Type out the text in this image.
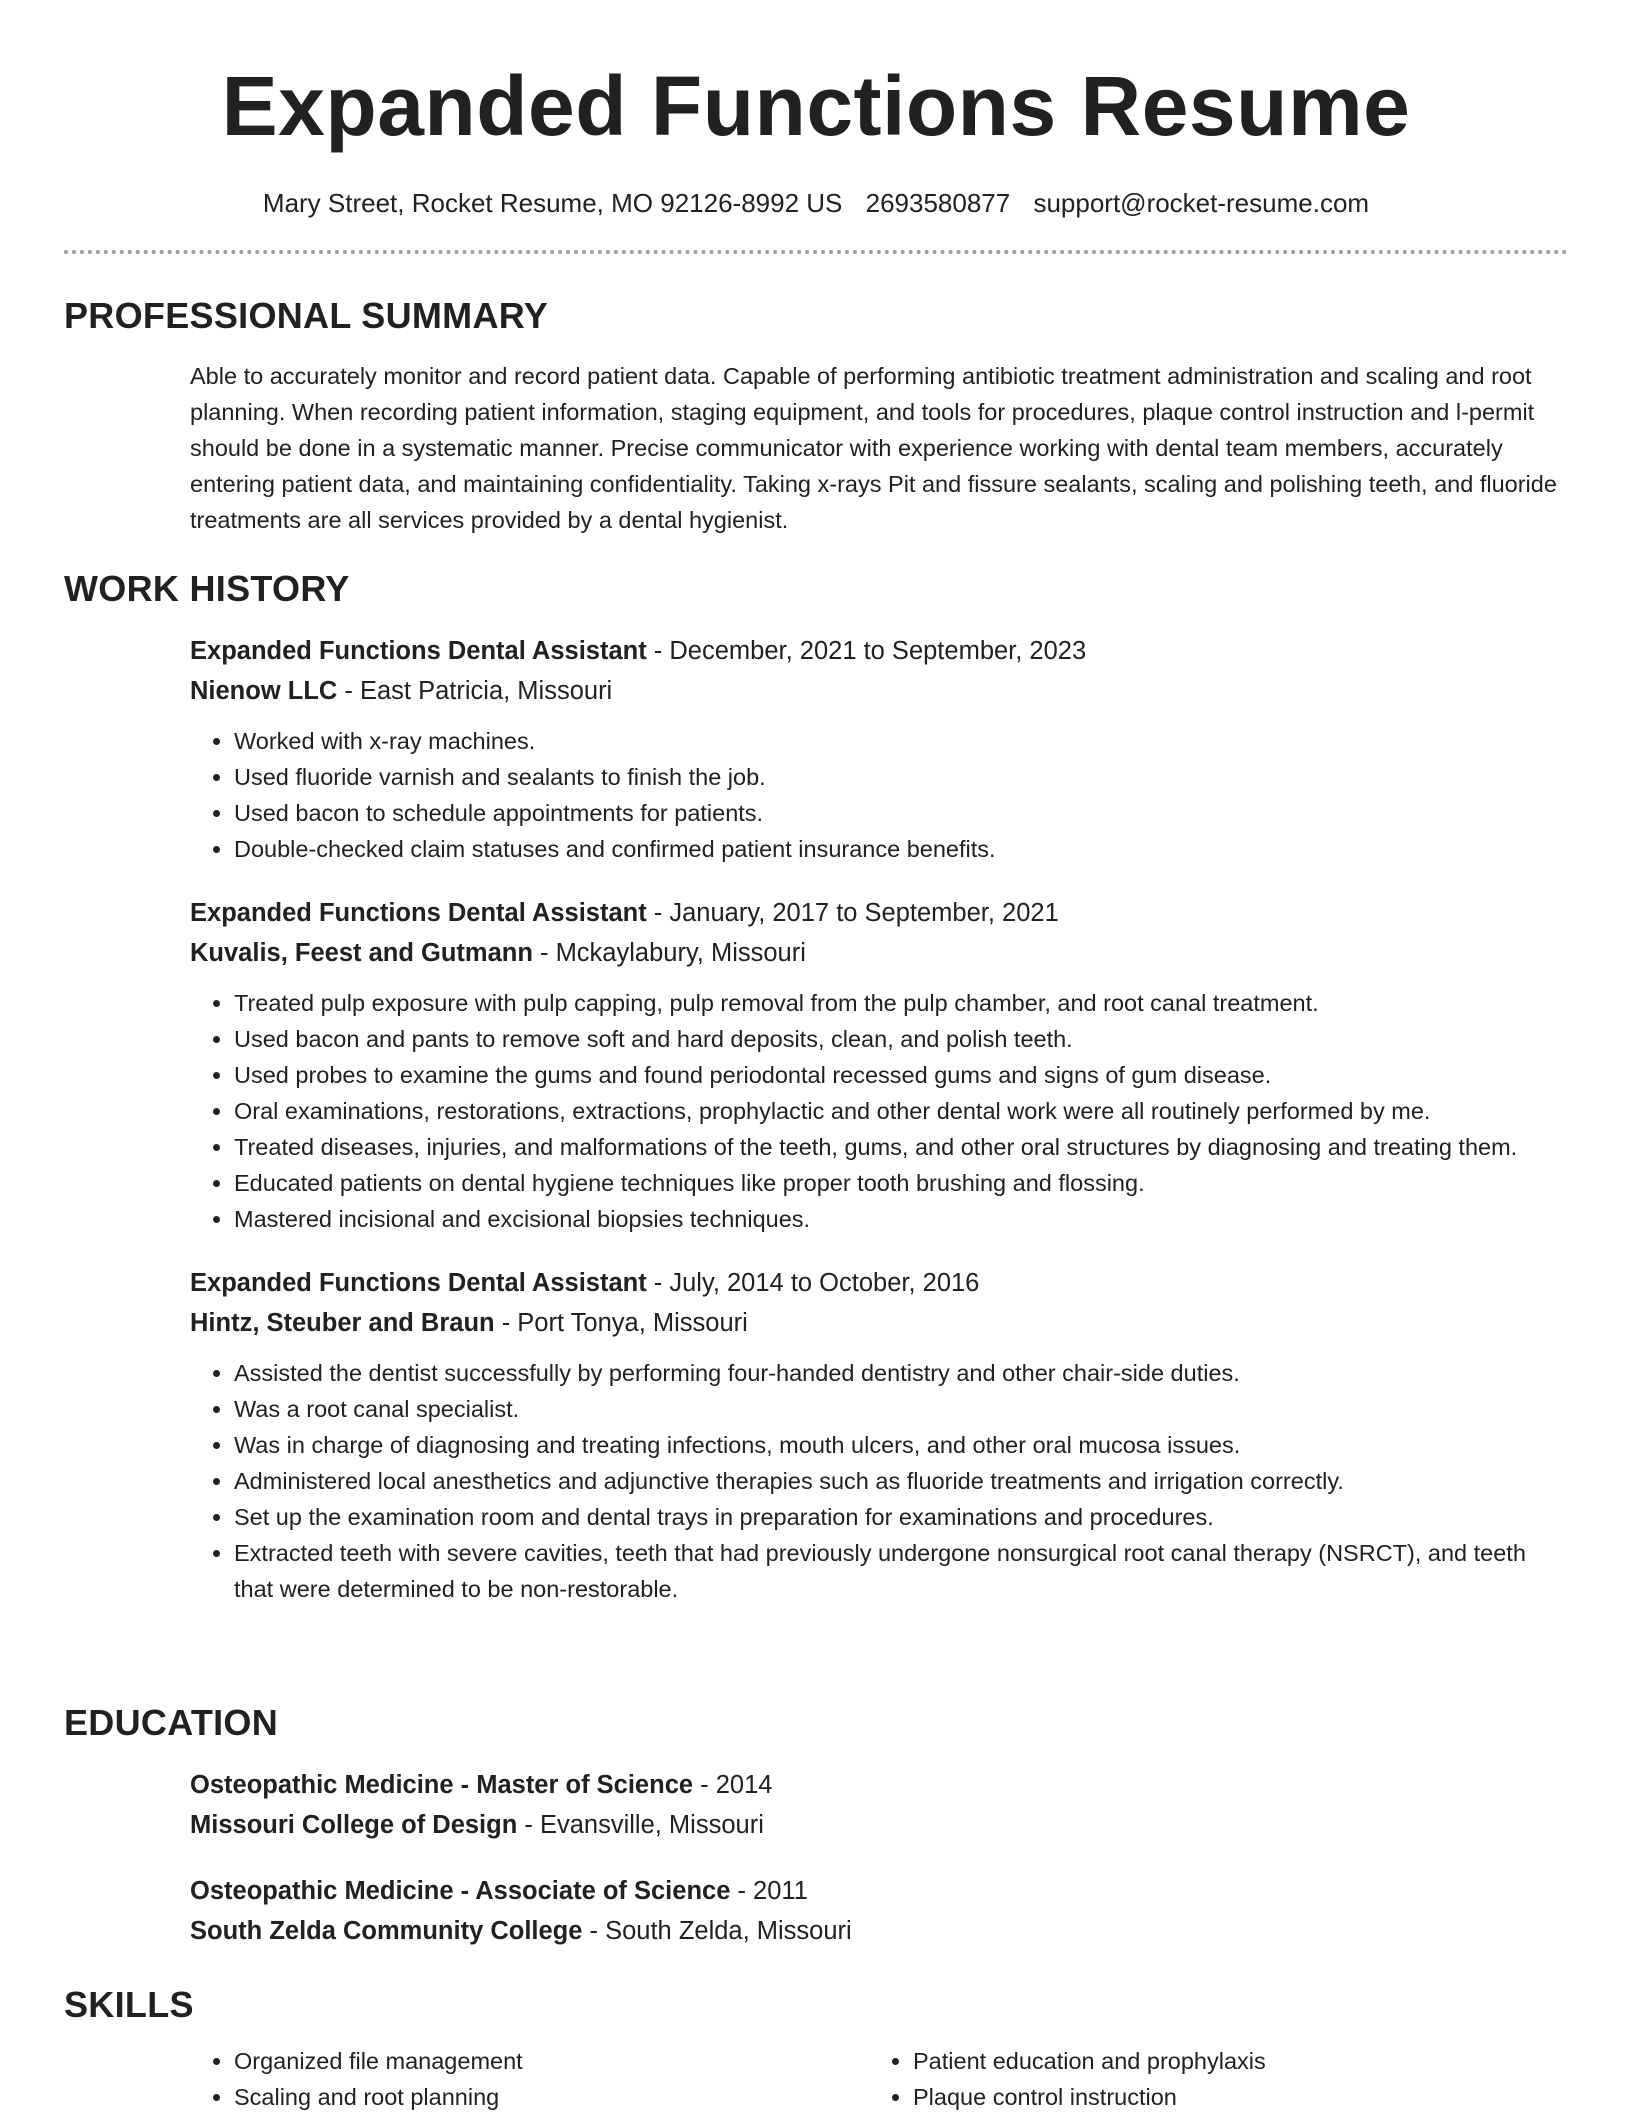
Expanded Functions Resume
Mary Street, Rocket Resume, MO 92126-8992 US 2693580877 support@rocket-resume.com
PROFESSIONAL SUMMARY

Able to accurately monitor and record patient data. Capable of performing antibiotic treatment administration and scaling and root planning. When recording patient information, staging equipment, and tools for procedures, plaque control instruction and l-permit should be done in a systematic manner. Precise communicator with experience working with dental team members, accurately entering patient data, and maintaining confidentiality. Taking x-rays Pit and fissure sealants, scaling and polishing teeth, and fluoride treatments are all services provided by a dental hygienist.

WORK HISTORY
Expanded Functions Dental Assistant - December, 2021 to September, 2023
Nienow LLC - East Patricia, Missouri
• Worked with x-ray machines.
• Used fluoride varnish and sealants to finish the job.
• Used bacon to schedule appointments for patients.
• Double-checked claim statuses and confirmed patient insurance benefits.
Expanded Functions Dental Assistant - January, 2017 to September, 2021
Kuvalis, Feest and Gutmann - Mckaylabury, Missouri
• Treated pulp exposure with pulp capping, pulp removal from the pulp chamber, and root canal treatment.
• Used bacon and pants to remove soft and hard deposits, clean, and polish teeth.
• Used probes to examine the gums and found periodontal recessed gums and signs of gum disease.
• Oral examinations, restorations, extractions, prophylactic and other dental work were all routinely performed by me.
• Treated diseases, injuries, and malformations of the teeth, gums, and other oral structures by diagnosing and treating them.
• Educated patients on dental hygiene techniques like proper tooth brushing and flossing.
• Mastered incisional and excisional biopsies techniques.
Expanded Functions Dental Assistant - July, 2014 to October, 2016
Hintz, Steuber and Braun - Port Tonya, Missouri
• Assisted the dentist successfully by performing four-handed dentistry and other chair-side duties.
• Was a root canal specialist.
• Was in charge of diagnosing and treating infections, mouth ulcers, and other oral mucosa issues.
• Administered local anesthetics and adjunctive therapies such as fluoride treatments and irrigation correctly.
• Set up the examination room and dental trays in preparation for examinations and procedures.
• Extracted teeth with severe cavities, teeth that had previously undergone nonsurgical root canal therapy (NSRCT), and teeth that were determined to be non-restorable.
EDUCATION
Osteopathic Medicine - Master of Science - 2014
Missouri College of Design - Evansville, Missouri
Osteopathic Medicine - Associate of Science - 2011
South Zelda Community College - South Zelda, Missouri
SKILLS
• Organized file management
• Scaling and root planning
• Patient education and prophylaxis
• Plaque control instruction
